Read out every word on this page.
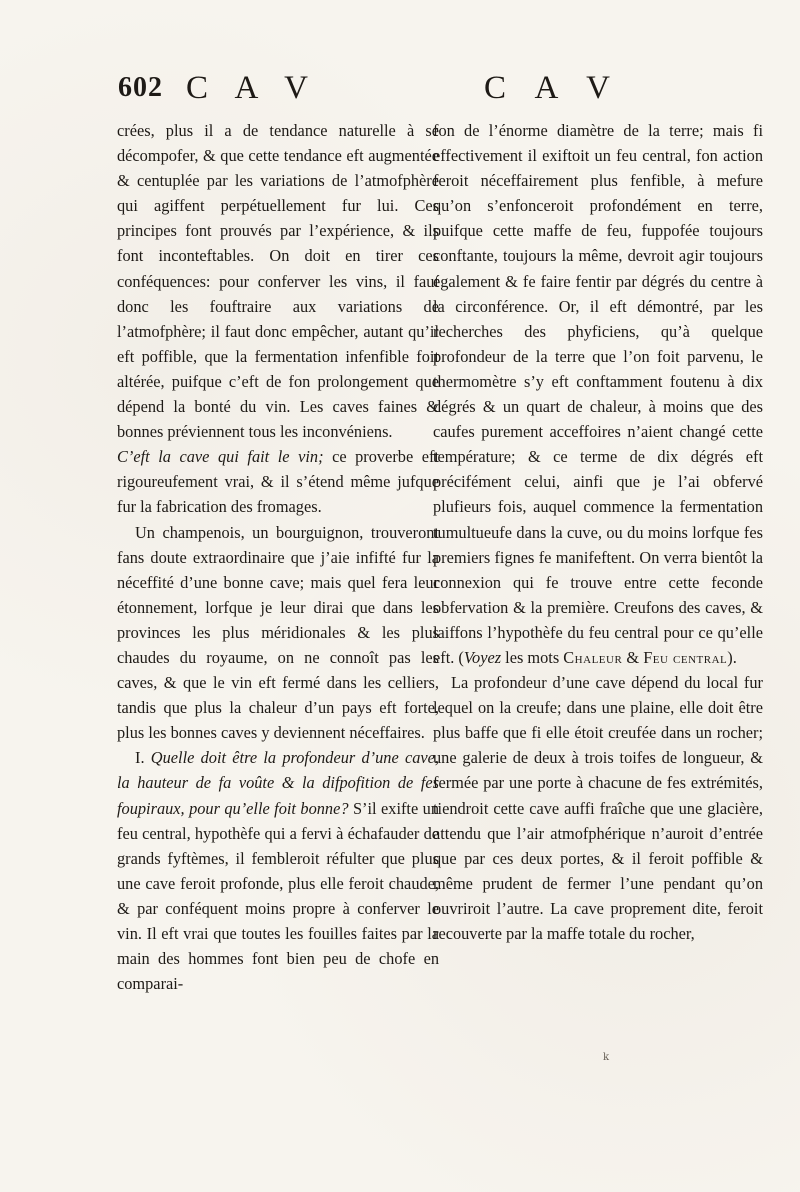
602 C A V	C A V

crées, plus il a de tendance naturelle à se décompofer, & que cette tendance eft augmentée & centuplée par les variations de l’atmofphère qui agiffent perpétuellement fur lui. Ces principes font prouvés par l’expérience, & ils font inconteftables. On doit en tirer ces conféquences: pour conferver les vins, il faut donc les fouftraire aux variations de l’atmofphère; il faut donc empêcher, autant qu’il eft poffible, que la fermentation infenfible foit altérée, puifque c’eft de fon prolongement que dépend la bonté du vin. Les caves faines & bonnes préviennent tous les inconvéniens.

C’eft la cave qui fait le vin; ce proverbe eft rigoureufement vrai, & il s’étend même jufque fur la fabrication des fromages.

Un champenois, un bourguignon, trouveront fans doute extraordinaire que j’aie infifté fur la néceffité d’une bonne cave; mais quel fera leur étonnement, lorfque je leur dirai que dans les provinces les plus méridionales & les plus chaudes du royaume, on ne connoît pas les caves, & que le vin eft fermé dans les celliers, tandis que plus la chaleur d’un pays eft forte, plus les bonnes caves y deviennent néceffaires.

I. Quelle doit être la profondeur d’une cave, la hauteur de fa voûte & la difpofition de fes foupiraux, pour qu’elle foit bonne? S’il exifte un feu central, hypothèfe qui a fervi à échafauder de grands fyftèmes, il fembleroit réfulter que plus une cave feroit profonde, plus elle feroit chaude, & par conféquent moins propre à conferver le vin. Il eft vrai que toutes les fouilles faites par la main des hommes font bien peu de chofe en comparai-

fon de l’énorme diamètre de la terre; mais fi effectivement il exiftoit un feu central, fon action feroit néceffairement plus fenfible, à mefure qu’on s’enfonceroit profondément en terre, puifque cette maffe de feu, fuppofée toujours conftante, toujours la même, devroit agir toujours également & fe faire fentir par dégrés du centre à la circonférence. Or, il eft démontré, par les recherches des phyficiens, qu’à quelque profondeur de la terre que l’on foit parvenu, le thermomètre s’y eft conftamment foutenu à dix dégrés & un quart de chaleur, à moins que des caufes purement acceffoires n’aient changé cette température; & ce terme de dix dégrés eft précifément celui, ainfi que je l’ai obfervé plufieurs fois, auquel commence la fermentation tumultueufe dans la cuve, ou du moins lorfque fes premiers fignes fe manifeftent. On verra bientôt la connexion qui fe trouve entre cette feconde obfervation & la première. Creufons des caves, & laiffons l’hypothèfe du feu central pour ce qu’elle eft. (Voyez les mots Chaleur & Feu central).

La profondeur d’une cave dépend du local fur lequel on la creufe; dans une plaine, elle doit être plus baffe que fi elle étoit creufée dans un rocher; une galerie de deux à trois toifes de longueur, & fermée par une porte à chacune de fes extrémités, tiendroit cette cave auffi fraîche que une glacière, attendu que l’air atmofphérique n’auroit d’entrée que par ces deux portes, & il feroit poffible & même prudent de fermer l’une pendant qu’on ouvriroit l’autre. La cave proprement dite, feroit recouverte par la maffe totale du rocher,

k
